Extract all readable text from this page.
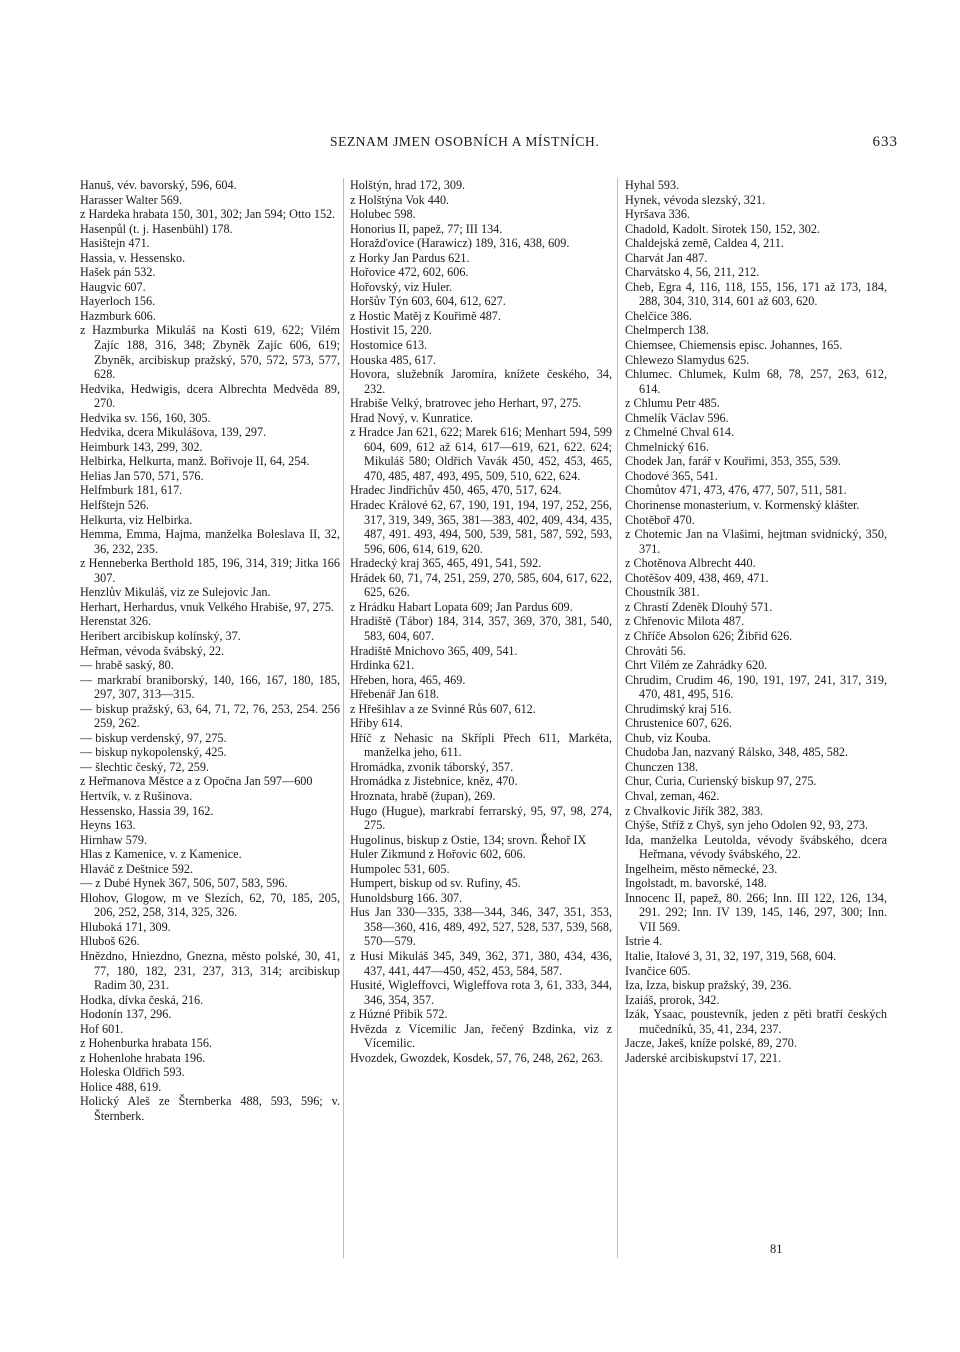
SEZNAM JMEN OSOBNÍCH A MÍSTNÍCH.	633

Hanuš, vév. bavorský, 596, 604.

Harasser Walter 569.

z Hardeka hrabata 150, 301, 302; Jan 594; Otto 152.

Hasenpůl (t. j. Hasenbühl) 178.

Hasištejn 471.

Hassia, v. Hessensko.

Hašek pán 532.

Haugvic 607.

Hayerloch 156.

Hazmburk 606.

z Hazmburka Mikuláš na Kosti 619, 622; Vilém Zajíc 188, 316, 348; Zbyněk Zajíc 606, 619; Zbyněk, arcibiskup pražský, 570, 572, 573, 577, 628.

Hedvika, Hedwigis, dcera Albrechta Medvěda 89, 270.

Hedvika sv. 156, 160, 305.

Hedvika, dcera Mikulášova, 139, 297.

Heimburk 143, 299, 302.

Helbirka, Helkurta, manž. Bořivoje II, 64, 254.

Helias Jan 570, 571, 576.

Helfmburk 181, 617.

Helfštejn 526.

Helkurta, viz Helbirka.

Hemma, Emma, Hajma, manželka Boleslava II, 32, 36, 232, 235.

z Henneberka Berthold 185, 196, 314, 319; Jitka 166 307.

Henzlův Mikuláš, viz ze Sulejovic Jan.

Herhart, Herhardus, vnuk Velkého Hrabiše, 97, 275.

Herenstat 326.

Heribert arcibiskup kolínský, 37.

Heřman, vévoda švábský, 22.

— hrabě saský, 80.

— markrabí braniborský, 140, 166, 167, 180, 185, 297, 307, 313—315.

— biskup pražský, 63, 64, 71, 72, 76, 253, 254. 256 259, 262.

— biskup verdenský, 97, 275.

— biskup nykopolenský, 425.

— šlechtic český, 72, 259.

z Heřmanova Městce a z Opočna Jan 597—600

Hertvík, v. z Rušinova.

Hessensko, Hassia 39, 162.

Heyns 163.

Hirnhaw 579.

Hlas z Kamenice, v. z Kamenice.

Hlaváč z Deštnice 592.

— z Dubé Hynek 367, 506, 507, 583, 596.

Hlohov, Glogow, m ve Slezích, 62, 70, 185, 205, 206, 252, 258, 314, 325, 326.

Hluboká 171, 309.

Hluboš 626.

Hnězdno, Hniezdno, Gnezna, město polské, 30, 41, 77, 180, 182, 231, 237, 313, 314; arcibiskup Radim 30, 231.

Hodka, dívka česká, 216.

Hodonín 137, 296.

Hof 601.

z Hohenburka hrabata 156.

z Hohenlohe hrabata 196.

Holeska Oldřich 593.

Holice 488, 619.

Holický Aleš ze Šternberka 488, 593, 596; v. Šternberk.

Holštýn, hrad 172, 309.

z Holštýna Vok 440.

Holubec 598.

Honorius II, papež, 77; III 134.

Horažďovice (Harawicz) 189, 316, 438, 609.

z Horky Jan Pardus 621.

Hořovice 472, 602, 606.

Hořovský, viz Huler.

Horšův Týn 603, 604, 612, 627.

z Hostic Matěj z Kouřimě 487.

Hostivit 15, 220.

Hostomice 613.

Houska 485, 617.

Hovora, služebník Jaromíra, knížete českého, 34, 232.

Hrabiše Velký, bratrovec jeho Herhart, 97, 275.

Hrad Nový, v. Kunratice.

z Hradce Jan 621, 622; Marek 616; Menhart 594, 599 604, 609, 612 až 614, 617—619, 621, 622. 624; Mikuláš 580; Oldřich Vavák 450, 452, 453, 465, 470, 485, 487, 493, 495, 509, 510, 622, 624.

Hradec Jindřichův 450, 465, 470, 517, 624.

Hradec Králové 62, 67, 190, 191, 194, 197, 252, 256, 317, 319, 349, 365, 381—383, 402, 409, 434, 435, 487, 491. 493, 494, 500, 539, 581, 587, 592, 593, 596, 606, 614, 619, 620.

Hradecký kraj 365, 465, 491, 541, 592.

Hrádek 60, 71, 74, 251, 259, 270, 585, 604, 617, 622, 625, 626.

z Hrádku Habart Lopata 609; Jan Pardus 609.

Hradiště (Tábor) 184, 314, 357, 369, 370, 381, 540, 583, 604, 607.

Hradiště Mnichovo 365, 409, 541.

Hrdinka 621.

Hřeben, hora, 465, 469.

Hřebenář Jan 618.

z Hřešihlav a ze Svinné Růs 607, 612.

Hřiby 614.

Hříč z Nehasic na Skřípli Přech 611, Markéta, manželka jeho, 611.

Hromádka, zvonik táborský, 357.

Hromádka z Jistebnice, kněz, 470.

Hroznata, hrabě (župan), 269.

Hugo (Hugue), markrabí ferrarský, 95, 97, 98, 274, 275.

Hugolinus, biskup z Ostie, 134; srovn. Řehoř IX

Huler Zikmund z Hořovic 602, 606.

Humpolec 531, 605.

Humpert, biskup od sv. Rufiny, 45.

Hunoldsburg 166. 307.

Hus Jan 330—335, 338—344, 346, 347, 351, 353, 358—360, 416, 489, 492, 527, 528, 537, 539, 568, 570—579.

z Husi Mikuláš 345, 349, 362, 371, 380, 434, 436, 437, 441, 447—450, 452, 453, 584, 587.

Husité, Wigleffovci, Wigleffova rota 3, 61, 333, 344, 346, 354, 357.

z Húzné Přibík 572.

Hvězda z Vícemilic Jan, řečený Bzdinka, viz z Vícemilic.

Hvozdek, Gwozdek, Kosdek, 57, 76, 248, 262, 263.

Hyhal 593.

Hynek, vévoda slezský, 321.

Hyršava 336.

Chadold, Kadolt. Sirotek 150, 152, 302.

Chaldejská země, Caldea 4, 211.

Charvát Jan 487.

Charvátsko 4, 56, 211, 212.

Cheb, Egra 4, 116, 118, 155, 156, 171 až 173, 184, 288, 304, 310, 314, 601 až 603, 620.

Chelčice 386.

Chelmperch 138.

Chiemsee, Chiemensis episc. Johannes, 165.

Chlewezo Slamydus 625.

Chlumec. Chlumek, Kulm 68, 78, 257, 263, 612, 614.

z Chlumu Petr 485.

Chmelík Václav 596.

z Chmelné Chval 614.

Chmelnický 616.

Chodek Jan, farář v Kouřimi, 353, 355, 539.

Chodové 365, 541.

Chomůtov 471, 473, 476, 477, 507, 511, 581.

Chorinense monasterium, v. Kormenský klášter.

Chotěboř 470.

z Chotemic Jan na Vlašimi, hejtman svidnický, 350, 371.

z Chotěnova Albrecht 440.

Chotěšov 409, 438, 469, 471.

Choustník 381.

z Chrastí Zdeněk Dlouhý 571.

z Chřenovic Milota 487.

z Chříče Absolon 626; Žibřid 626.

Chrováti 56.

Chrt Vilém ze Zahrádky 620.

Chrudim, Crudim 46, 190, 191, 197, 241, 317, 319, 470, 481, 495, 516.

Chrudimský kraj 516.

Chrustenice 607, 626.

Chub, viz Kouba.

Chudoba Jan, nazvaný Rálsko, 348, 485, 582.

Chunczen 138.

Chur, Curia, Curienský biskup 97, 275.

Chval, zeman, 462.

z Chvalkovic Jiřík 382, 383.

Chýše, Stříž z Chyš, syn jeho Odolen 92, 93, 273.

Ida, manželka Leutolda, vévody švábského, dcera Heřmana, vévody švábského, 22.

Ingelheim, město německé, 23.

Ingolstadt, m. bavorské, 148.

Innocenc II, papež, 80. 266; Inn. III 122, 126, 134, 291. 292; Inn. IV 139, 145, 146, 297, 300; Inn. VII 569.

Istrie 4.

Italie, Italové 3, 31, 32, 197, 319, 568, 604.

Ivančice 605.

Iza, Izza, biskup pražský, 39, 236.

Izaiáš, prorok, 342.

Izák, Ysaac, poustevník, jeden z pěti bratří českých mučedníků, 35, 41, 234, 237.

Jacze, Jakeš, kníže polské, 89, 270.

Jaderské arcibiskupství 17, 221.

81
